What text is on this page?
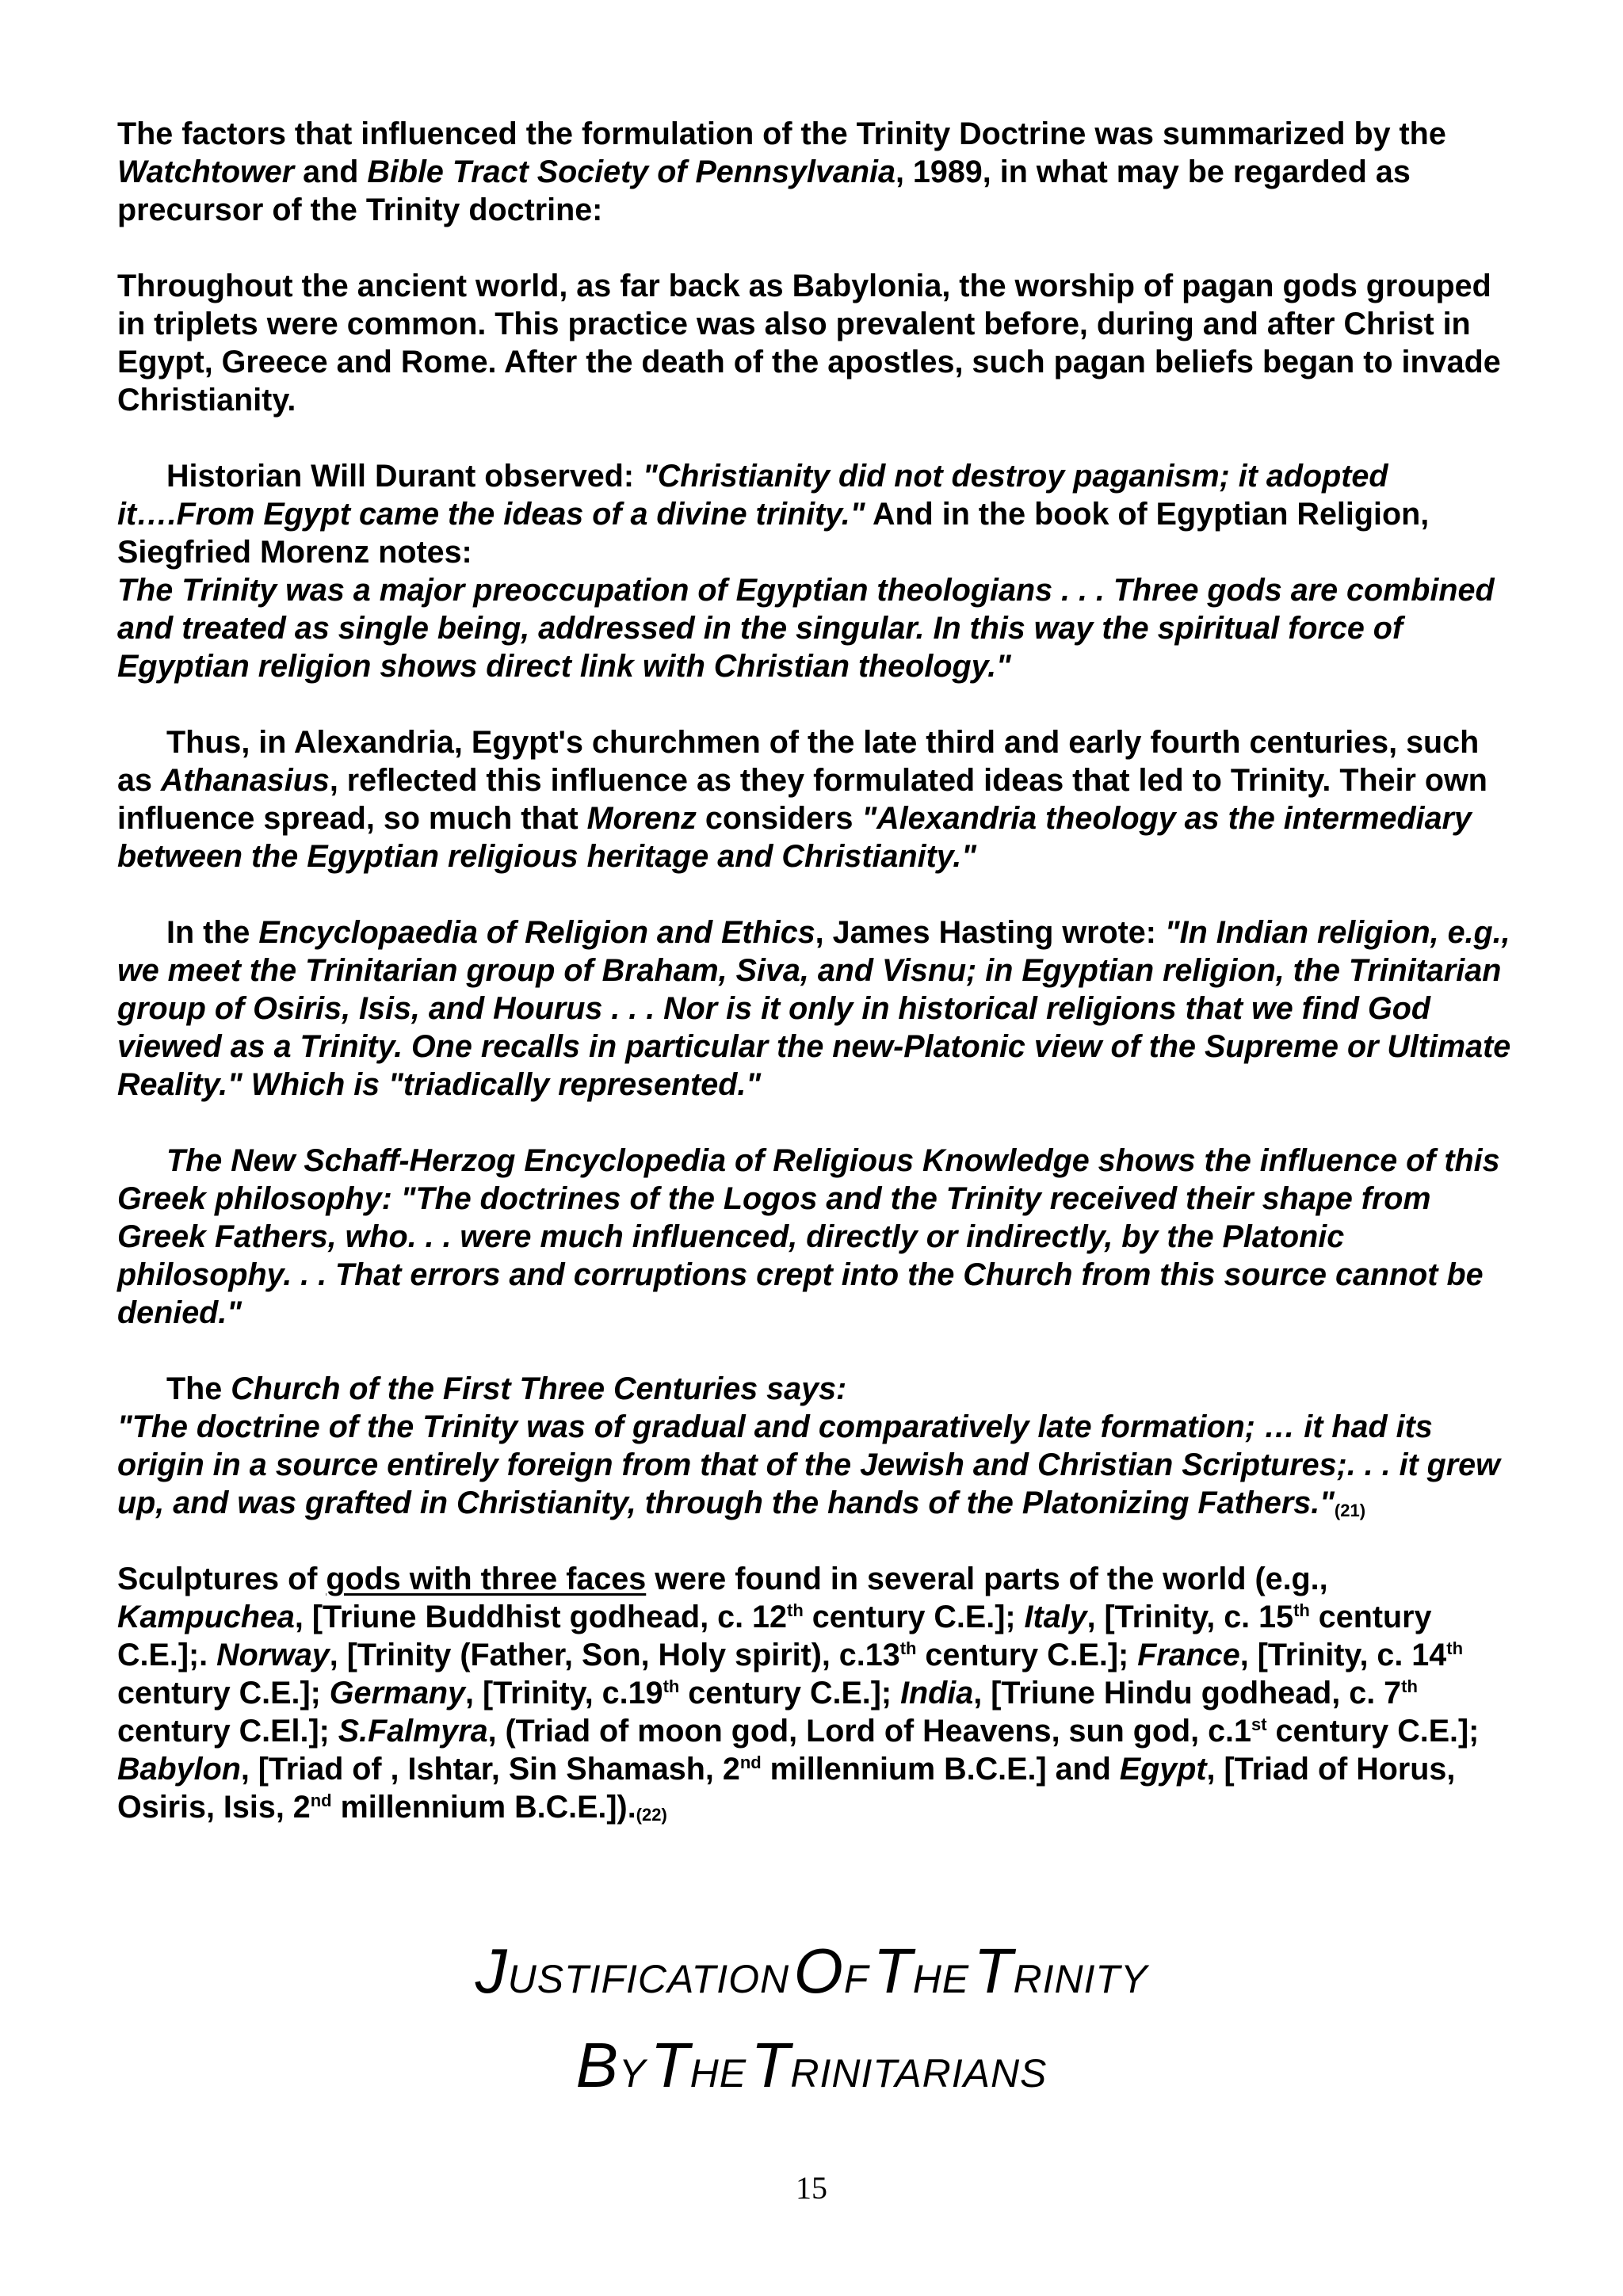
The factors that influenced the formulation of the Trinity Doctrine was summarized by the Watchtower and Bible Tract Society of Pennsylvania, 1989, in what may be regarded as precursor of the Trinity doctrine:

Throughout the ancient world, as far back as Babylonia, the worship of pagan gods grouped in triplets were common. This practice was also prevalent before, during and after Christ in Egypt, Greece and Rome. After the death of the apostles, such pagan beliefs began to invade Christianity.

Historian Will Durant observed: "Christianity did not destroy paganism; it adopted it….From Egypt came the ideas of a divine trinity." And in the book of Egyptian Religion, Siegfried Morenz notes:

The Trinity was a major preoccupation of Egyptian theologians . . . Three gods are combined and treated as single being, addressed in the singular. In this way the spiritual force of Egyptian religion shows direct link with Christian theology."

Thus, in Alexandria, Egypt's churchmen of the late third and early fourth centuries, such as Athanasius, reflected this influence as they formulated ideas that led to Trinity. Their own influence spread, so much that Morenz considers "Alexandria theology as the intermediary between the Egyptian religious heritage and Christianity."

In the Encyclopaedia of Religion and Ethics, James Hasting wrote: "In Indian religion, e.g., we meet the Trinitarian group of Braham, Siva, and Visnu; in Egyptian religion, the Trinitarian group of Osiris, Isis, and Hourus . . . Nor is it only in historical religions that we find God viewed as a Trinity. One recalls in particular the new-Platonic view of the Supreme or Ultimate Reality." Which is "triadically represented."

The New Schaff-Herzog Encyclopedia of Religious Knowledge shows the influence of this Greek philosophy: "The doctrines of the Logos and the Trinity received their shape from Greek Fathers, who. . . were much influenced, directly or indirectly, by the Platonic philosophy. . . That errors and corruptions crept into the Church from this source cannot be denied."

The Church of the First Three Centuries says:

"The doctrine of the Trinity was of gradual and comparatively late formation; … it had its origin in a source entirely foreign from that of the Jewish and Christian Scriptures;. . . it grew up, and was grafted in Christianity, through the hands of the Platonizing Fathers."(21)

Sculptures of gods with three faces were found in several parts of the world (e.g., Kampuchea, [Triune Buddhist godhead, c. 12th century C.E.]; Italy, [Trinity, c. 15th century C.E.];. Norway, [Trinity (Father, Son, Holy spirit), c.13th century C.E.]; France, [Trinity, c. 14th century C.E.]; Germany, [Trinity, c.19th century C.E.]; India, [Triune Hindu godhead, c. 7th century C.El.]; S.Falmyra, (Triad of moon god, Lord of Heavens, sun god, c.1st century C.E.]; Babylon, [Triad of , Ishtar, Sin Shamash, 2nd millennium B.C.E.] and Egypt, [Triad of Horus, Osiris, Isis, 2nd millennium B.C.E.]).(22)

JUSTIFICATION OF THE TRINITY
BY THE TRINITARIANS
15
